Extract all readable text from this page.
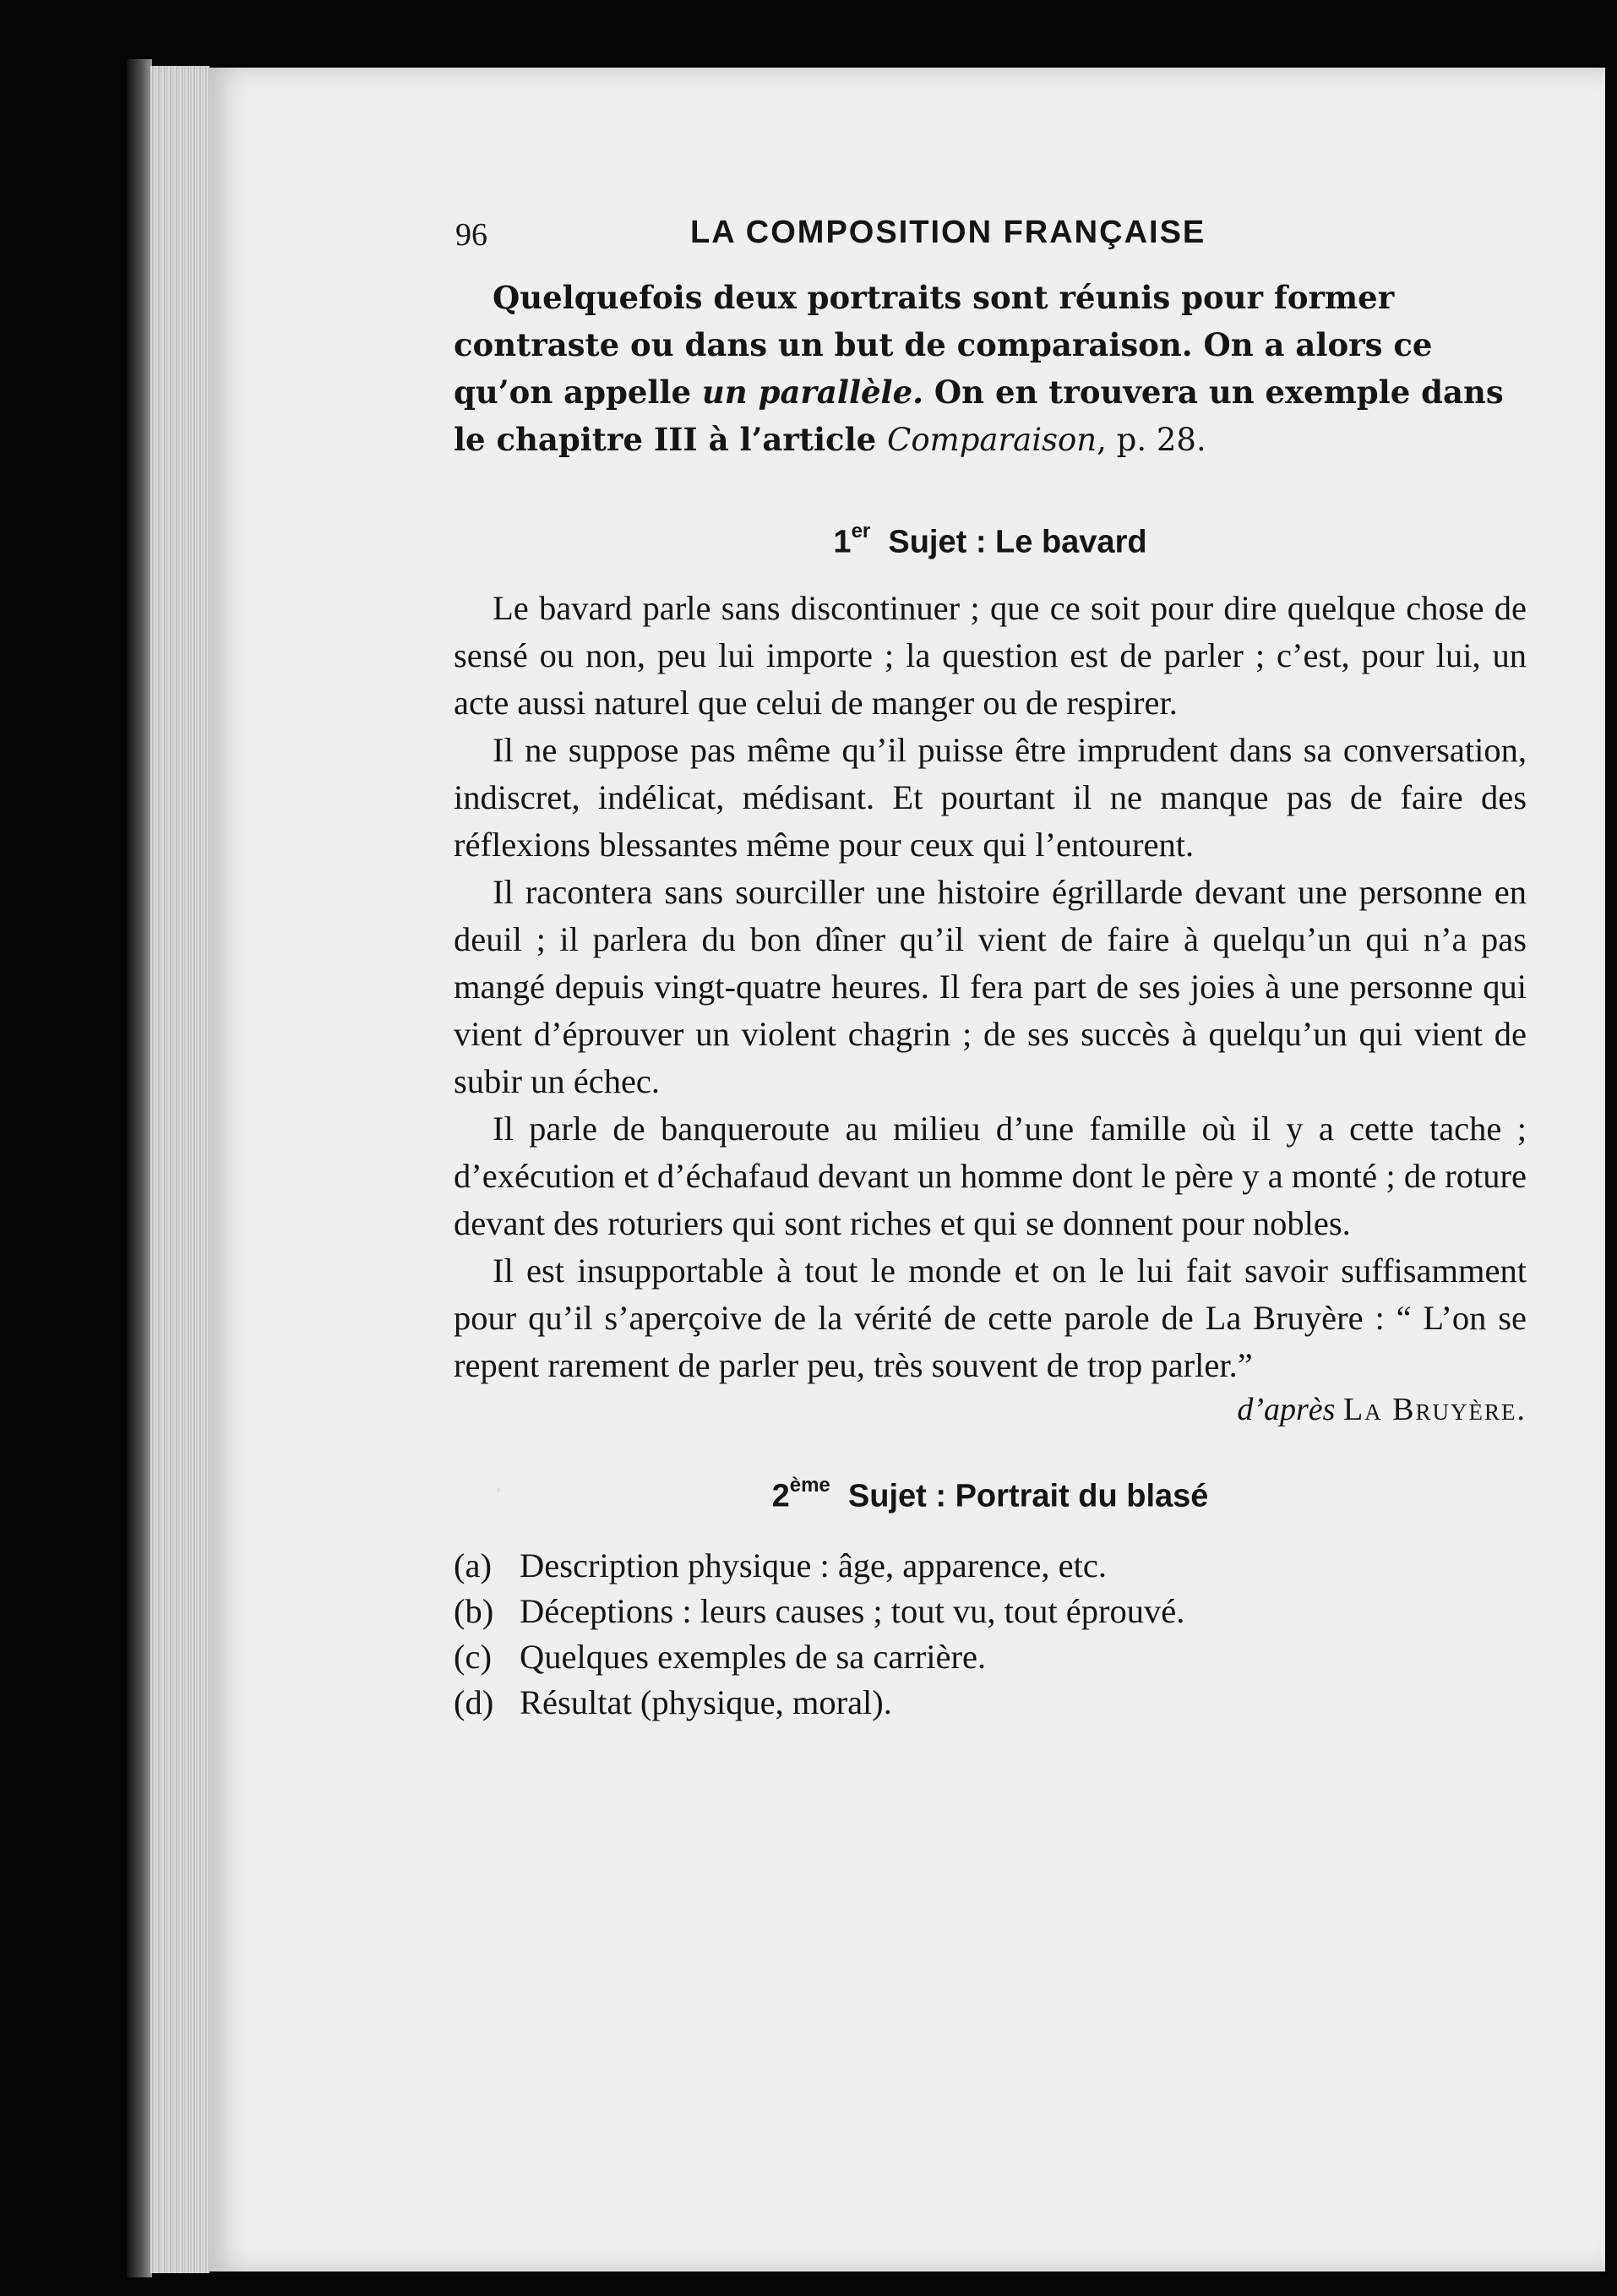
96	LA COMPOSITION FRANÇAISE

Quelquefois deux portraits sont réunis pour former contraste ou dans un but de comparaison. On a alors ce qu’on appelle un parallèle. On en trouvera un exemple dans le chapitre III à l’article Comparaison, p. 28.

1er Sujet : Le bavard

Le bavard parle sans discontinuer ; que ce soit pour dire quelque chose de sensé ou non, peu lui importe ; la question est de parler ; c’est, pour lui, un acte aussi naturel que celui de manger ou de respirer.

Il ne suppose pas même qu’il puisse être imprudent dans sa conversation, indiscret, indélicat, médisant. Et pourtant il ne manque pas de faire des réflexions blessantes même pour ceux qui l’entourent.

Il racontera sans sourciller une histoire égrillarde devant une personne en deuil ; il parlera du bon dîner qu’il vient de faire à quelqu’un qui n’a pas mangé depuis vingt-quatre heures. Il fera part de ses joies à une personne qui vient d’éprouver un violent chagrin ; de ses succès à quelqu’un qui vient de subir un échec.

Il parle de banqueroute au milieu d’une famille où il y a cette tache ; d’exécution et d’échafaud devant un homme dont le père y a monté ; de roture devant des roturiers qui sont riches et qui se donnent pour nobles.

Il est insupportable à tout le monde et on le lui fait savoir suffisamment pour qu’il s’aperçoive de la vérité de cette parole de La Bruyère : “ L’on se repent rarement de parler peu, très souvent de trop parler.”

d’après La Bruyère.

2ème Sujet : Portrait du blasé

(a) Description physique : âge, apparence, etc.
(b) Déceptions : leurs causes ; tout vu, tout éprouvé.
(c) Quelques exemples de sa carrière.
(d) Résultat (physique, moral).
